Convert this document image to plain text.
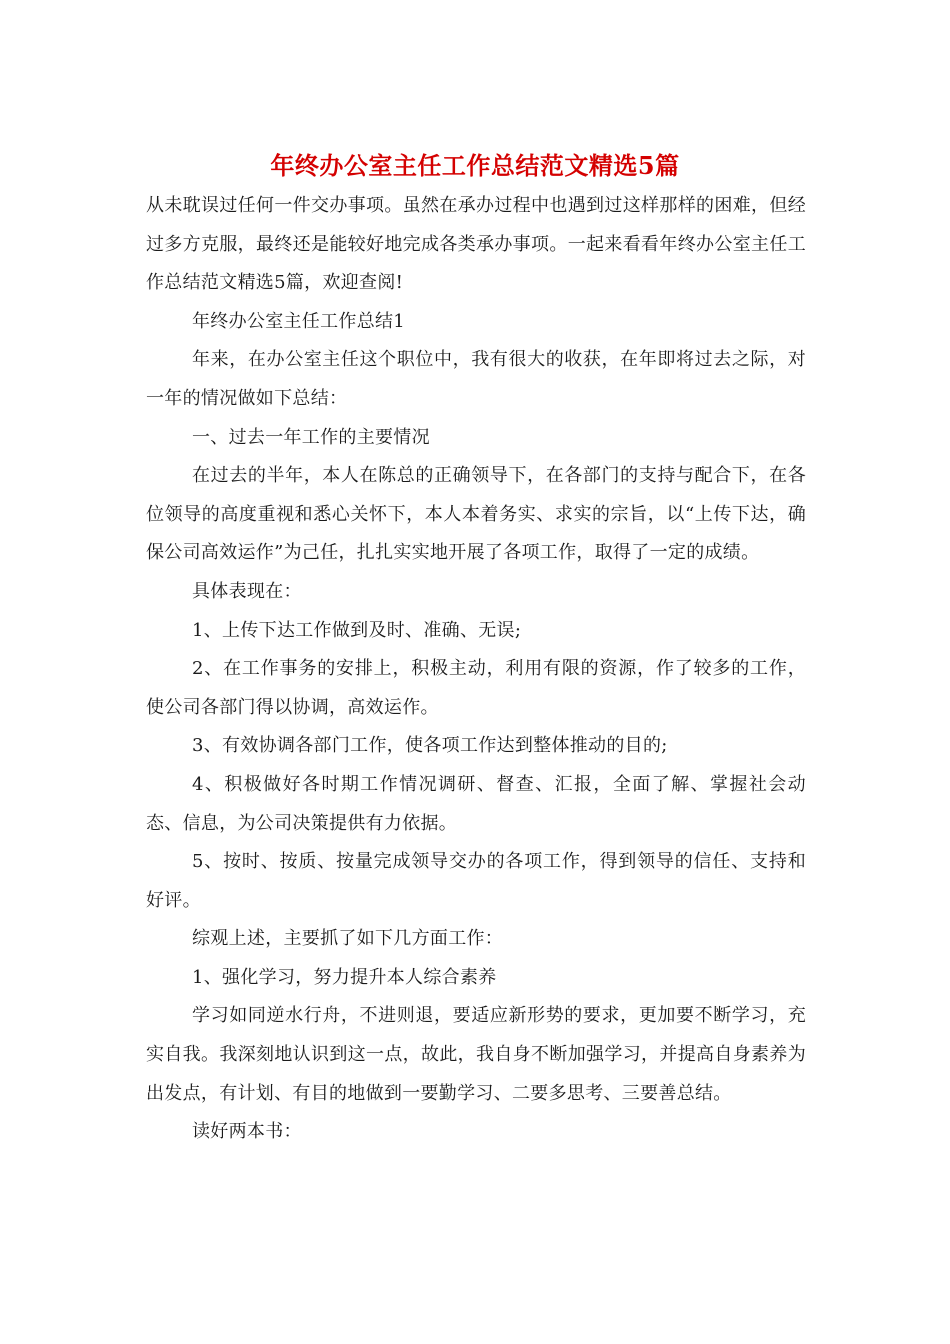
年终办公室主任工作总结范文精选5篇

从未耽误过任何一件交办事项。虽然在承办过程中也遇到过这样那样的困难，但经过多方克服，最终还是能较好地完成各类承办事项。一起来看看年终办公室主任工作总结范文精选5篇，欢迎查阅!

年终办公室主任工作总结1

年来，在办公室主任这个职位中，我有很大的收获，在年即将过去之际，对一年的情况做如下总结：

一、过去一年工作的主要情况

在过去的半年，本人在陈总的正确领导下，在各部门的支持与配合下，在各位领导的高度重视和悉心关怀下，本人本着务实、求实的宗旨，以“上传下达，确保公司高效运作”为己任，扎扎实实地开展了各项工作，取得了一定的成绩。

具体表现在：

1、上传下达工作做到及时、准确、无误;

2、在工作事务的安排上，积极主动，利用有限的资源，作了较多的工作，使公司各部门得以协调，高效运作。

3、有效协调各部门工作，使各项工作达到整体推动的目的;

4、积极做好各时期工作情况调研、督查、汇报，全面了解、掌握社会动态、信息，为公司决策提供有力依据。

5、按时、按质、按量完成领导交办的各项工作，得到领导的信任、支持和好评。

综观上述，主要抓了如下几方面工作：

1、强化学习，努力提升本人综合素养

学习如同逆水行舟，不进则退，要适应新形势的要求，更加要不断学习，充实自我。我深刻地认识到这一点，故此，我自身不断加强学习，并提高自身素养为出发点，有计划、有目的地做到一要勤学习、二要多思考、三要善总结。

读好两本书：
